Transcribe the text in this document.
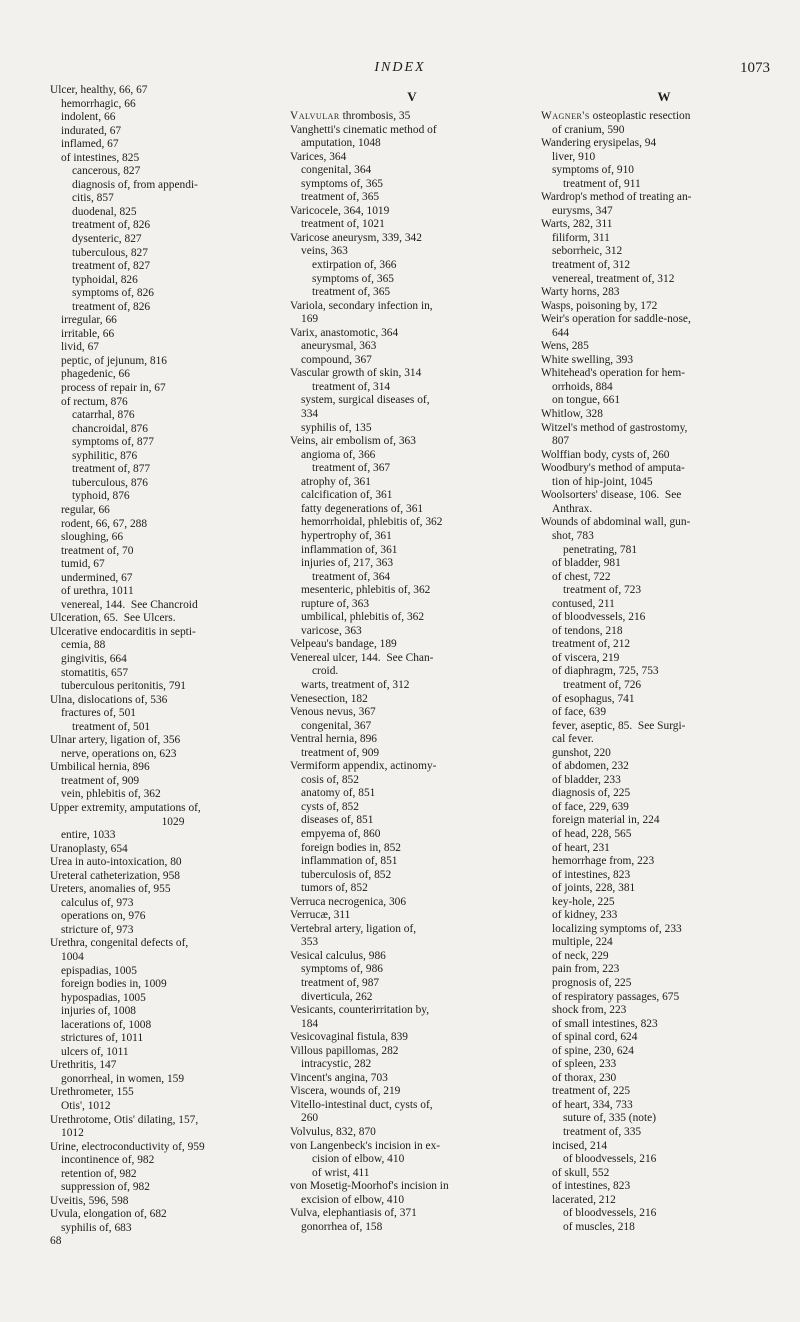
INDEX	1073
Ulcer, healthy, 66, 67
hemorrhagic, 66
indolent, 66
indurated, 67
inflamed, 67
of intestines, 825
cancerous, 827
diagnosis of, from appendi-
citis, 857
duodenal, 825
treatment of, 826
dysenteric, 827
tuberculous, 827
treatment of, 827
typhoidal, 826
symptoms of, 826
treatment of, 826
irregular, 66
irritable, 66
livid, 67
peptic, of jejunum, 816
phagedenic, 66
process of repair in, 67
of rectum, 876
catarrhal, 876
chancroidal, 876
symptoms of, 877
syphilitic, 876
treatment of, 877
tuberculous, 876
typhoid, 876
regular, 66
rodent, 66, 67, 288
sloughing, 66
treatment of, 70
tumid, 67
undermined, 67
of urethra, 1011
venereal, 144.  See Chancroid
Ulceration, 65.  See Ulcers.
Ulcerative endocarditis in septi-
cemia, 88
gingivitis, 664
stomatitis, 657
tuberculous peritonitis, 791
Ulna, dislocations of, 536
fractures of, 501
treatment of, 501
Ulnar artery, ligation of, 356
nerve, operations on, 623
Umbilical hernia, 896
treatment of, 909
vein, phlebitis of, 362
Upper extremity, amputations of,
1029
entire, 1033
Uranoplasty, 654
Urea in auto-intoxication, 80
Ureteral catheterization, 958
Ureters, anomalies of, 955
calculus of, 973
operations on, 976
stricture of, 973
Urethra, congenital defects of,
1004
epispadias, 1005
foreign bodies in, 1009
hypospadias, 1005
injuries of, 1008
lacerations of, 1008
strictures of, 1011
ulcers of, 1011
Urethritis, 147
gonorrheal, in women, 159
Urethrometer, 155
Otis', 1012
Urethrotome, Otis' dilating, 157,
1012
Urine, electroconductivity of, 959
incontinence of, 982
retention of, 982
suppression of, 982
Uveitis, 596, 598
Uvula, elongation of, 682
syphilis of, 683
68
V
Valvular thrombosis, 35
Vanghetti's cinematic method of
amputation, 1048
Varices, 364
congenital, 364
symptoms of, 365
treatment of, 365
Varicocele, 364, 1019
treatment of, 1021
Varicose aneurysm, 339, 342
veins, 363
extirpation of, 366
symptoms of, 365
treatment of, 365
Variola, secondary infection in,
169
Varix, anastomotic, 364
aneurysmal, 363
compound, 367
Vascular growth of skin, 314
treatment of, 314
system, surgical diseases of,
334
syphilis of, 135
Veins, air embolism of, 363
angioma of, 366
treatment of, 367
atrophy of, 361
calcification of, 361
fatty degenerations of, 361
hemorrhoidal, phlebitis of, 362
hypertrophy of, 361
inflammation of, 361
injuries of, 217, 363
treatment of, 364
mesenteric, phlebitis of, 362
rupture of, 363
umbilical, phlebitis of, 362
varicose, 363
Velpeau's bandage, 189
Venereal ulcer, 144.  See Chan-
croid.
warts, treatment of, 312
Venesection, 182
Venous nevus, 367
congenital, 367
Ventral hernia, 896
treatment of, 909
Vermiform appendix, actinomy-
cosis of, 852
anatomy of, 851
cysts of, 852
diseases of, 851
empyema of, 860
foreign bodies in, 852
inflammation of, 851
tuberculosis of, 852
tumors of, 852
Verruca necrogenica, 306
Verrucæ, 311
Vertebral artery, ligation of,
353
Vesical calculus, 986
symptoms of, 986
treatment of, 987
diverticula, 262
Vesicants, counterirritation by,
184
Vesicovaginal fistula, 839
Villous papillomas, 282
intracystic, 282
Vincent's angina, 703
Viscera, wounds of, 219
Vitello-intestinal duct, cysts of,
260
Volvulus, 832, 870
von Langenbeck's incision in ex-
cision of elbow, 410
of wrist, 411
von Mosetig-Moorhof's incision in
excision of elbow, 410
Vulva, elephantiasis of, 371
gonorrhea of, 158
W
Wagner's osteoplastic resection
of cranium, 590
Wandering erysipelas, 94
liver, 910
symptoms of, 910
treatment of, 911
Wardrop's method of treating an-
eurysms, 347
Warts, 282, 311
filiform, 311
seborrheic, 312
treatment of, 312
venereal, treatment of, 312
Warty horns, 283
Wasps, poisoning by, 172
Weir's operation for saddle-nose,
644
Wens, 285
White swelling, 393
Whitehead's operation for hem-
orrhoids, 884
on tongue, 661
Whitlow, 328
Witzel's method of gastrostomy,
807
Wolffian body, cysts of, 260
Woodbury's method of amputa-
tion of hip-joint, 1045
Woolsorters' disease, 106.  See
Anthrax.
Wounds of abdominal wall, gun-
shot, 783
penetrating, 781
of bladder, 981
of chest, 722
treatment of, 723
contused, 211
of bloodvessels, 216
of tendons, 218
treatment of, 212
of viscera, 219
of diaphragm, 725, 753
treatment of, 726
of esophagus, 741
of face, 639
fever, aseptic, 85.  See Surgi-
cal fever.
gunshot, 220
of abdomen, 232
of bladder, 233
diagnosis of, 225
of face, 229, 639
foreign material in, 224
of head, 228, 565
of heart, 231
hemorrhage from, 223
of intestines, 823
of joints, 228, 381
key-hole, 225
of kidney, 233
localizing symptoms of, 233
multiple, 224
of neck, 229
pain from, 223
prognosis of, 225
of respiratory passages, 675
shock from, 223
of small intestines, 823
of spinal cord, 624
of spine, 230, 624
of spleen, 233
of thorax, 230
treatment of, 225
of heart, 334, 733
suture of, 335 (note)
treatment of, 335
incised, 214
of bloodvessels, 216
of skull, 552
of intestines, 823
lacerated, 212
of bloodvessels, 216
of muscles, 218
